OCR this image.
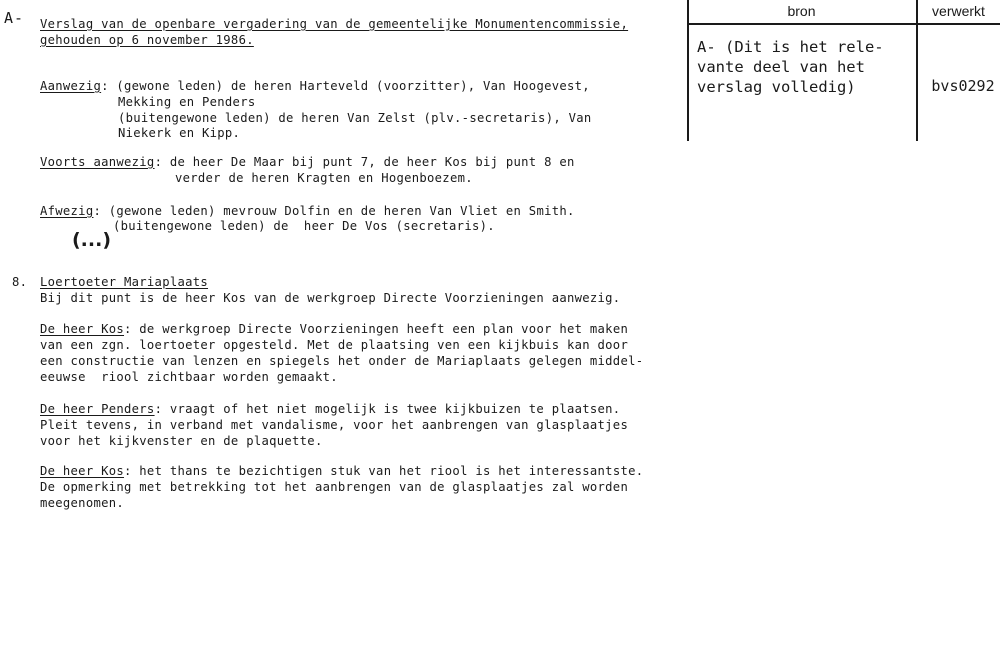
A- Verslag van de openbare vergadering van de gemeentelijke Monumentencommissie,
gehouden op 6 november 1986.
Aanwezig: (gewone leden) de heren Harteveld (voorzitter), Van Hoogevest,
Mekking en Penders
(buitengewone leden) de heren Van Zelst (plv.-secretaris), Van
Niekerk en Kipp.
Voorts aanwezig: de heer De Maar bij punt 7, de heer Kos bij punt 8 en
verder de heren Kragten en Hogenboezem.
Afwezig: (gewone leden) mevrouw Dolfin en de heren Van Vliet en Smith.
(buitengewone leden) de  heer De Vos (secretaris).
(...)
8. Loertoeter Mariaplaats
Bij dit punt is de heer Kos van de werkgroep Directe Voorzieningen aanwezig.
De heer Kos: de werkgroep Directe Voorzieningen heeft een plan voor het maken
van een zgn. loertoeter opgesteld. Met de plaatsing ven een kijkbuis kan door
een constructie van lenzen en spiegels het onder de Mariaplaats gelegen middel-
eeuwse  riool zichtbaar worden gemaakt.
De heer Penders: vraagt of het niet mogelijk is twee kijkbuizen te plaatsen.
Pleit tevens, in verband met vandalisme, voor het aanbrengen van glasplaatjes
voor het kijkvenster en de plaquette.
De heer Kos: het thans te bezichtigen stuk van het riool is het interessantste.
De opmerking met betrekking tot het aanbrengen van de glasplaatjes zal worden
meegenomen.
bron	verwerkt
A- (Dit is het rele-
vante deel van het
verslag volledig)	bvs0292
